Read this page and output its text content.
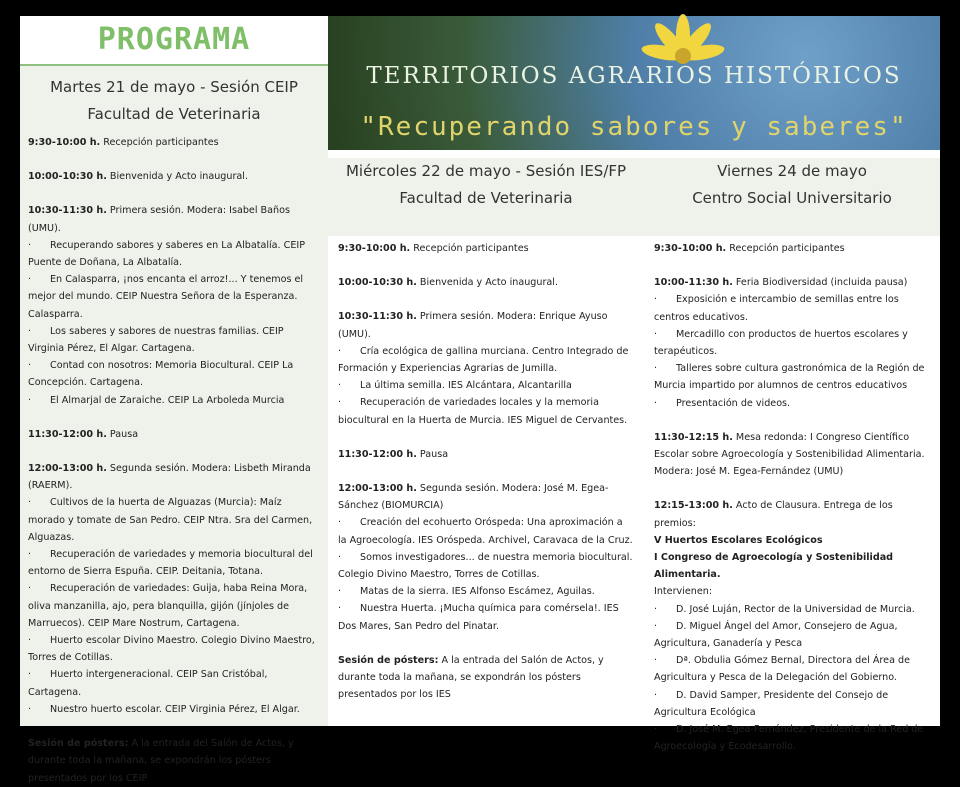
PROGRAMA
Martes 21 de mayo - Sesión CEIP
Facultad de Veterinaria
9:30-10:00 h. Recepción participantes
10:00-10:30 h. Bienvenida y Acto inaugural.
10:30-11:30 h. Primera sesión. Modera: Isabel Baños (UMU).
· Recuperando sabores y saberes en La Albatalía. CEIP Puente de Doñana, La Albatalía.
· En Calasparra, ¡nos encanta el arroz!... Y tenemos el mejor del mundo. CEIP Nuestra Señora de la Esperanza. Calasparra.
· Los saberes y sabores de nuestras familias. CEIP Virginia Pérez, El Algar. Cartagena.
· Contad con nosotros: Memoria Biocultural. CEIP La Concepción. Cartagena.
· El Almarjal de Zaraiche. CEIP La Arboleda Murcia
11:30-12:00 h. Pausa
12:00-13:00 h. Segunda sesión. Modera: Lisbeth Miranda (RAERM).
· Cultivos de la huerta de Alguazas (Murcia): Maíz morado y tomate de San Pedro. CEIP Ntra. Sra del Carmen, Alguazas.
· Recuperación de variedades y memoria biocultural del entorno de Sierra Espuña. CEIP. Deitania, Totana.
· Recuperación de variedades: Guija, haba Reina Mora, oliva manzanilla, ajo, pera blanquilla, gijón (jínjoles de Marruecos). CEIP Mare Nostrum, Cartagena.
· Huerto escolar Divino Maestro. Colegio Divino Maestro, Torres de Cotillas.
· Huerto intergeneracional. CEIP San Cristóbal, Cartagena.
· Nuestro huerto escolar. CEIP Virginia Pérez, El Algar.
Sesión de pósters: A la entrada del Salón de Actos, y durante toda la mañana, se expondrán los pósters presentados por los CEIP
TERRITORIOS AGRARIOS HISTÓRICOS
"Recuperando sabores y saberes"
Miércoles 22 de mayo - Sesión IES/FP
Facultad de Veterinaria
9:30-10:00 h. Recepción participantes
10:00-10:30 h. Bienvenida y Acto inaugural.
10:30-11:30 h. Primera sesión. Modera: Enrique Ayuso (UMU).
· Cría ecológica de gallina murciana. Centro Integrado de Formación y Experiencias Agrarias de Jumilla.
· La última semilla. IES Alcántara, Alcantarilla
· Recuperación de variedades locales y la memoria biocultural en la Huerta de Murcia. IES Miguel de Cervantes.
11:30-12:00 h. Pausa
12:00-13:00 h. Segunda sesión. Modera: José M. Egea-Sánchez (BIOMURCIA)
· Creación del ecohuerto Oróspeda: Una aproximación a la Agroecología. IES Oróspeda. Archivel, Caravaca de la Cruz.
· Somos investigadores... de nuestra memoria biocultural. Colegio Divino Maestro, Torres de Cotillas.
· Matas de la sierra. IES Alfonso Escámez, Aguilas.
· Nuestra Huerta. ¡Mucha química para comérsela!. IES Dos Mares, San Pedro del Pinatar.
Sesión de pósters: A la entrada del Salón de Actos, y durante toda la mañana, se expondrán los pósters presentados por los IES
Viernes 24 de mayo
Centro Social Universitario
9:30-10:00 h. Recepción participantes
10:00-11:30 h. Feria Biodiversidad (incluida pausa)
· Exposición e intercambio de semillas entre los centros educativos.
· Mercadillo con productos de huertos escolares y terapéuticos.
· Talleres sobre cultura gastronómica de la Región de Murcia impartido por alumnos de centros educativos
· Presentación de videos.
11:30-12:15 h. Mesa redonda: I Congreso Científico Escolar sobre Agroecología y Sostenibilidad Alimentaria. Modera: José M. Egea-Fernández (UMU)
12:15-13:00 h. Acto de Clausura. Entrega de los premios:
V Huertos Escolares Ecológicos
I Congreso de Agroecología y Sostenibilidad Alimentaria.
Intervienen:
· D. José Luján, Rector de la Universidad de Murcia.
· D. Miguel Ángel del Amor, Consejero de Agua, Agricultura, Ganadería y Pesca
· Dª. Obdulia Gómez Bernal, Directora del Área de Agricultura y Pesca de la Delegación del Gobierno.
· D. David Samper, Presidente del Consejo de Agricultura Ecológica
· D. José M. Egea-Fernández, Presidente de la Red de Agroecología y Ecodesarrollo.
